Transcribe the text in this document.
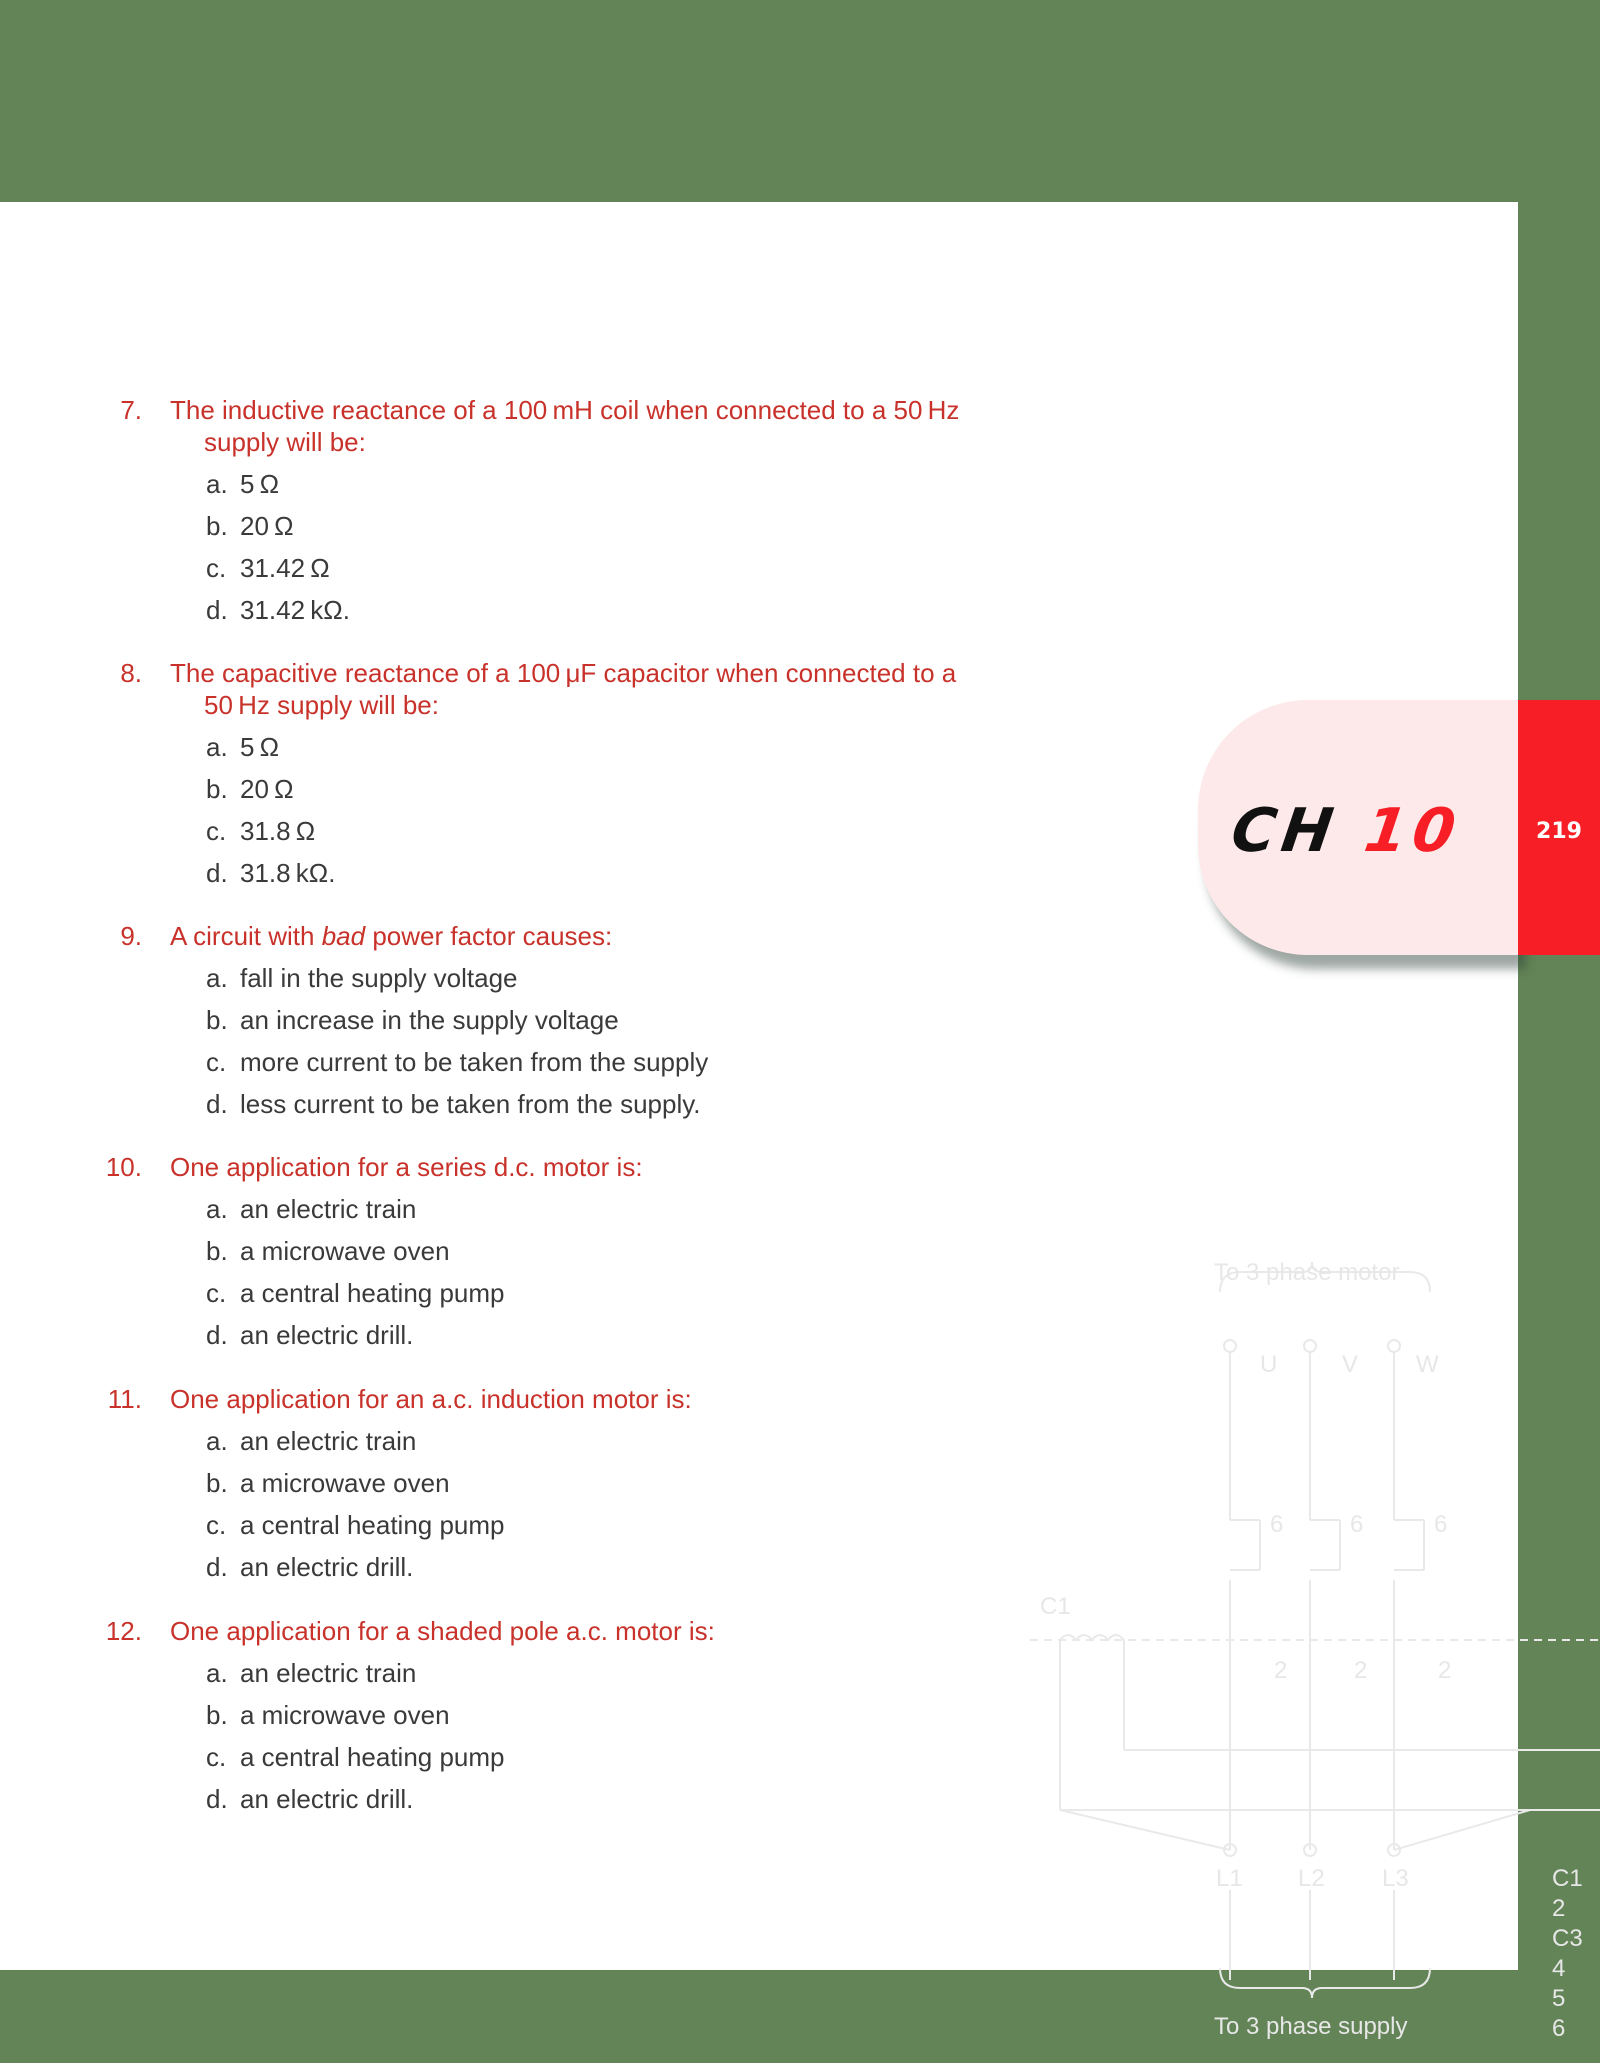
7. The inductive reactance of a 100 mH coil when connected to a 50 Hz
supply will be:
a. 5 Ω
b. 20 Ω
c. 31.42 Ω
d. 31.42 kΩ.
8. The capacitive reactance of a 100 μF capacitor when connected to a
50 Hz supply will be:
a. 5 Ω
b. 20 Ω
c. 31.8 Ω
d. 31.8 kΩ.
9. A circuit with bad power factor causes:
a. fall in the supply voltage
b. an increase in the supply voltage
c. more current to be taken from the supply
d. less current to be taken from the supply.
10. One application for a series d.c. motor is:
a. an electric train
b. a microwave oven
c. a central heating pump
d. an electric drill.
11. One application for an a.c. induction motor is:
a. an electric train
b. a microwave oven
c. a central heating pump
d. an electric drill.
12. One application for a shaded pole a.c. motor is:
a. an electric train
b. a microwave oven
c. a central heating pump
d. an electric drill.
CH 10	219
To 3 phase motor
U	V W
6	6	6
C1
2	2	2
L1 L2 L3
To 3 phase supply
C1
2
C3
4
5
6
